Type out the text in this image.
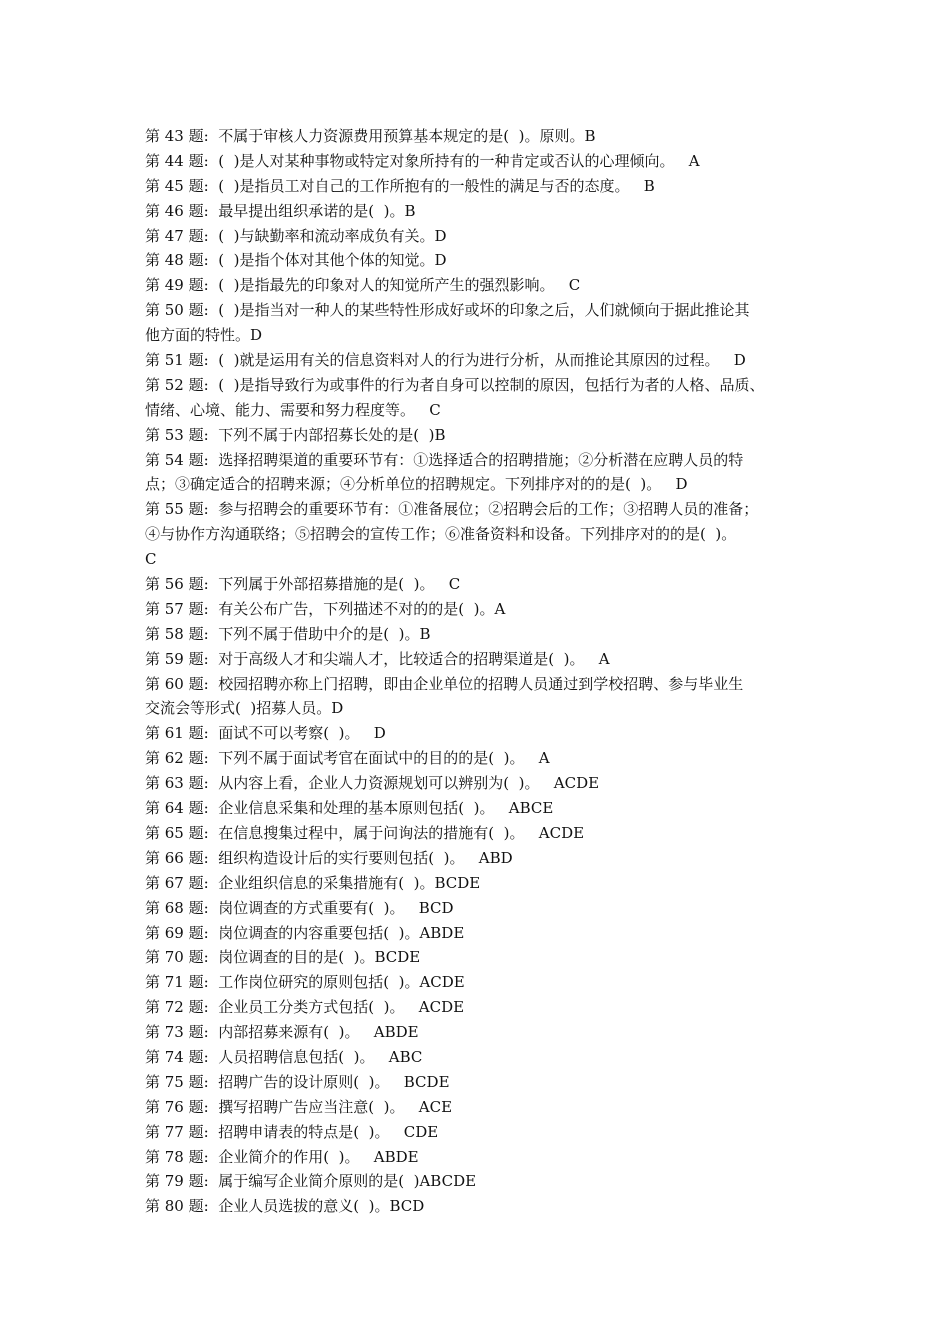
第 43 题:  不属于审核人力资源费用预算基本规定的是(  )。原则。B
第 44 题:  (  )是人对某种事物或特定对象所持有的一种肯定或否认的心理倾向。   A
第 45 题:  (  )是指员工对自己的工作所抱有的一般性的满足与否的态度。   B
第 46 题:  最早提出组织承诺的是(  )。B
第 47 题:  (  )与缺勤率和流动率成负有关。D
第 48 题:  (  )是指个体对其他个体的知觉。D
第 49 题:  (  )是指最先的印象对人的知觉所产生的强烈影响。   C
第 50 题:  (  )是指当对一种人的某些特性形成好或坏的印象之后，人们就倾向于据此推论其
他方面的特性。D
第 51 题:  (  )就是运用有关的信息资料对人的行为进行分析，从而推论其原因的过程。   D
第 52 题:  (  )是指导致行为或事件的行为者自身可以控制的原因，包括行为者的人格、品质、
情绪、心境、能力、需要和努力程度等。   C
第 53 题:  下列不属于内部招募长处的是(  )B
第 54 题:  选择招聘渠道的重要环节有：①选择适合的招聘措施；②分析潜在应聘人员的特
点；③确定适合的招聘来源；④分析单位的招聘规定。下列排序对的的是(  )。   D
第 55 题:  参与招聘会的重要环节有：①准备展位；②招聘会后的工作；③招聘人员的准备；
④与协作方沟通联络；⑤招聘会的宣传工作；⑥准备资料和设备。下列排序对的的是(  )。
C
第 56 题:  下列属于外部招募措施的是(  )。   C
第 57 题:  有关公布广告，下列描述不对的的是(  )。A
第 58 题:  下列不属于借助中介的是(  )。B
第 59 题:  对于高级人才和尖端人才，比较适合的招聘渠道是(  )。   A
第 60 题:  校园招聘亦称上门招聘，即由企业单位的招聘人员通过到学校招聘、参与毕业生
交流会等形式(  )招募人员。D
第 61 题:  面试不可以考察(  )。   D
第 62 题:  下列不属于面试考官在面试中的目的的是(  )。   A
第 63 题:  从内容上看，企业人力资源规划可以辨别为(  )。   ACDE
第 64 题:  企业信息采集和处理的基本原则包括(  )。   ABCE
第 65 题:  在信息搜集过程中，属于问询法的措施有(  )。   ACDE
第 66 题:  组织构造设计后的实行要则包括(  )。   ABD
第 67 题:  企业组织信息的采集措施有(  )。BCDE
第 68 题:  岗位调查的方式重要有(  )。   BCD
第 69 题:  岗位调查的内容重要包括(  )。ABDE
第 70 题:  岗位调查的目的是(  )。BCDE
第 71 题:  工作岗位研究的原则包括(  )。ACDE
第 72 题:  企业员工分类方式包括(  )。   ACDE
第 73 题:  内部招募来源有(  )。   ABDE
第 74 题:  人员招聘信息包括(  )。   ABC
第 75 题:  招聘广告的设计原则(  )。   BCDE
第 76 题:  撰写招聘广告应当注意(  )。   ACE
第 77 题:  招聘申请表的特点是(  )。   CDE
第 78 题:  企业简介的作用(  )。   ABDE
第 79 题:  属于编写企业简介原则的是(  )ABCDE
第 80 题:  企业人员选拔的意义(  )。BCD
